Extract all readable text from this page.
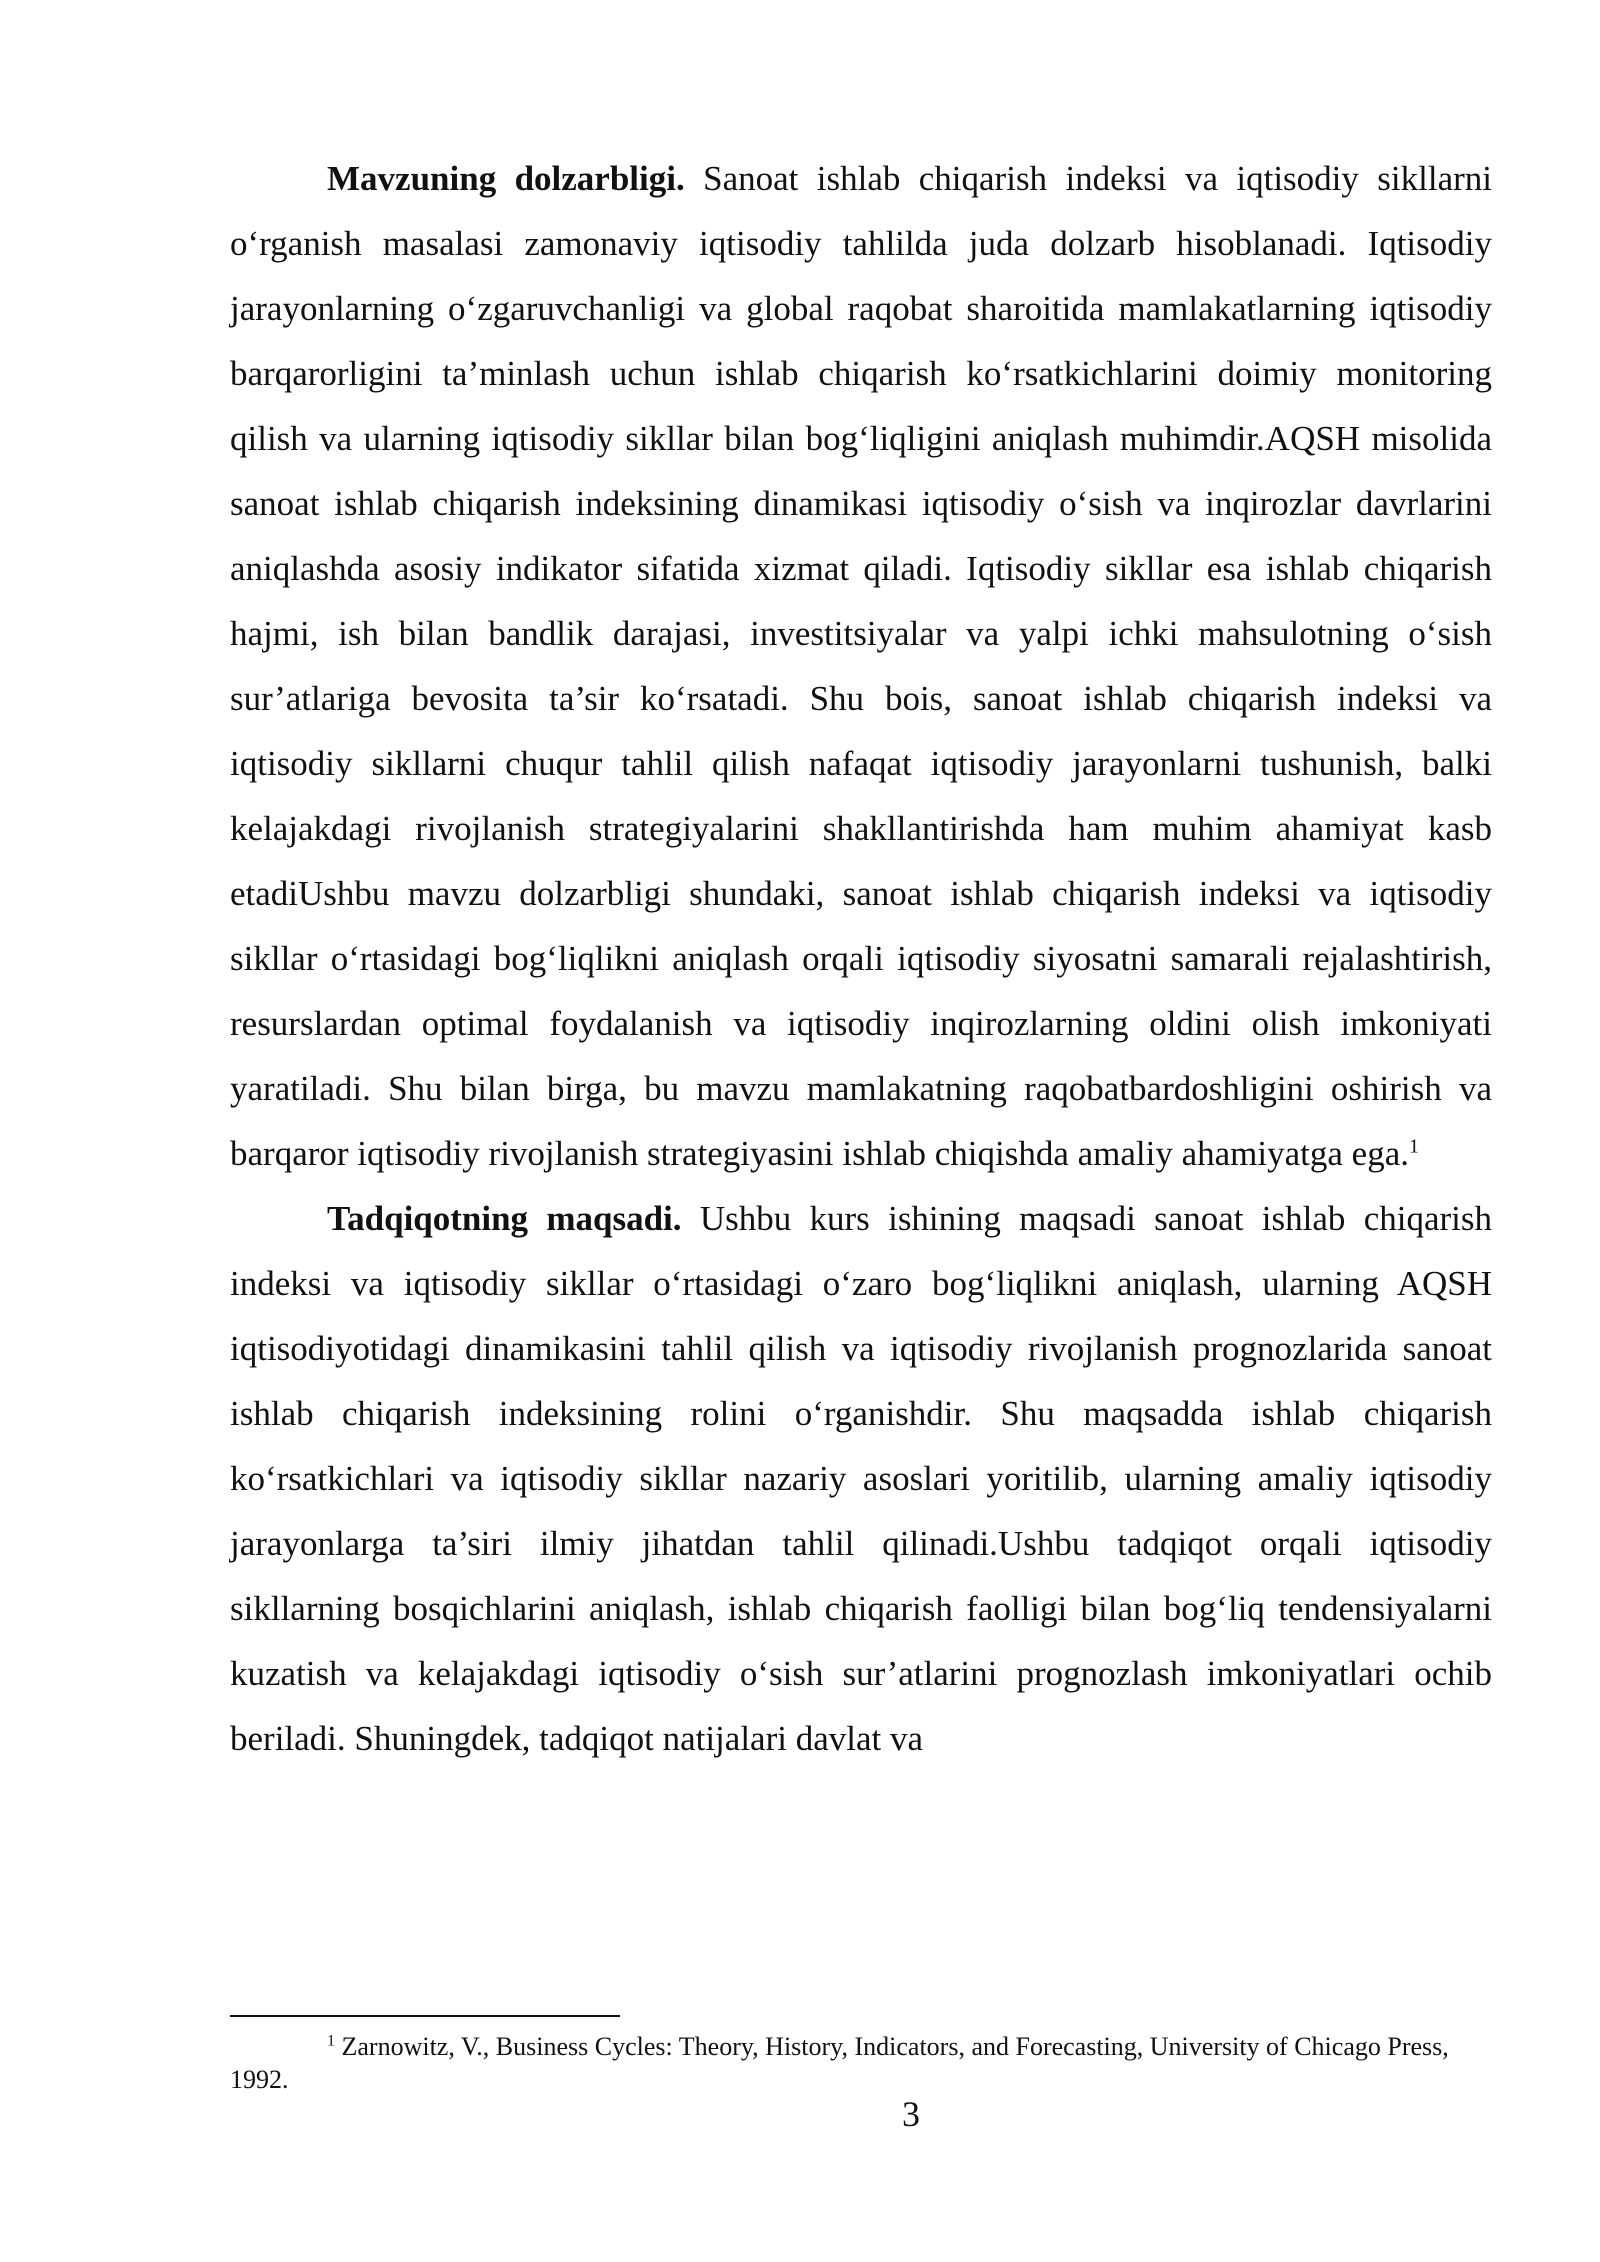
Mavzuning dolzarbligi. Sanoat ishlab chiqarish indeksi va iqtisodiy sikllarni o‘rganish masalasi zamonaviy iqtisodiy tahlilda juda dolzarb hisoblanadi. Iqtisodiy jarayonlarning o‘zgaruvchanligi va global raqobat sharoitida mamlakatlarning iqtisodiy barqarorligini ta’minlash uchun ishlab chiqarish ko‘rsatkichlarini doimiy monitoring qilish va ularning iqtisodiy sikllar bilan bog‘liqligini aniqlash muhimdir.AQSH misolida sanoat ishlab chiqarish indeksining dinamikasi iqtisodiy o‘sish va inqirozlar davrlarini aniqlashda asosiy indikator sifatida xizmat qiladi. Iqtisodiy sikllar esa ishlab chiqarish hajmi, ish bilan bandlik darajasi, investitsiyalar va yalpi ichki mahsulotning o‘sish sur’atlariga bevosita ta’sir ko‘rsatadi. Shu bois, sanoat ishlab chiqarish indeksi va iqtisodiy sikllarni chuqur tahlil qilish nafaqat iqtisodiy jarayonlarni tushunish, balki kelajakdagi rivojlanish strategiyalarini shakllantirishda ham muhim ahamiyat kasb etadiUshbu mavzu dolzarbligi shundaki, sanoat ishlab chiqarish indeksi va iqtisodiy sikllar o‘rtasidagi bog‘liqlikni aniqlash orqali iqtisodiy siyosatni samarali rejalashtirish, resurslardan optimal foydalanish va iqtisodiy inqirozlarning oldini olish imkoniyati yaratiladi. Shu bilan birga, bu mavzu mamlakatning raqobatbardoshligini oshirish va barqaror iqtisodiy rivojlanish strategiyasini ishlab chiqishda amaliy ahamiyatga ega.$^1$

Tadqiqotning maqsadi. Ushbu kurs ishining maqsadi sanoat ishlab chiqarish indeksi va iqtisodiy sikllar o‘rtasidagi o‘zaro bog‘liqlikni aniqlash, ularning AQSH iqtisodiyotidagi dinamikasini tahlil qilish va iqtisodiy rivojlanish prognozlarida sanoat ishlab chiqarish indeksining rolini o‘rganishdir. Shu maqsadda ishlab chiqarish ko‘rsatkichlari va iqtisodiy sikllar nazariy asoslari yoritilib, ularning amaliy iqtisodiy jarayonlarga ta’siri ilmiy jihatdan tahlil qilinadi.Ushbu tadqiqot orqali iqtisodiy sikllarning bosqichlarini aniqlash, ishlab chiqarish faolligi bilan bog‘liq tendensiyalarni kuzatish va kelajakdagi iqtisodiy o‘sish sur’atlarini prognozlash imkoniyatlari ochib beriladi. Shuningdek, tadqiqot natijalari davlat va

$^1$ Zarnowitz, V., Business Cycles: Theory, History, Indicators, and Forecasting, University of Chicago Press, 1992.
3
